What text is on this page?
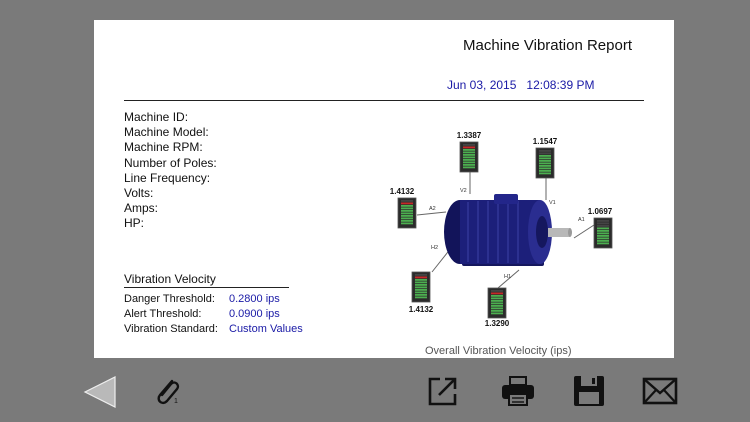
Machine Vibration Report
Jun 03, 2015 12:08:39 PM
Machine ID:
Machine Model:
Machine RPM:
Number of Poles:
Line Frequency:
Volts:
Amps:
HP:
Vibration Velocity
Danger Threshold:	0.2800 ips
Alert Threshold:	0.0900 ips
Vibration Standard:	Custom Values
V2
V1
A2
A1
H2
H1
1.3387
1.1547
1.4132
1.0697
1.4132
1.3290
Overall Vibration Velocity (ips)
1
